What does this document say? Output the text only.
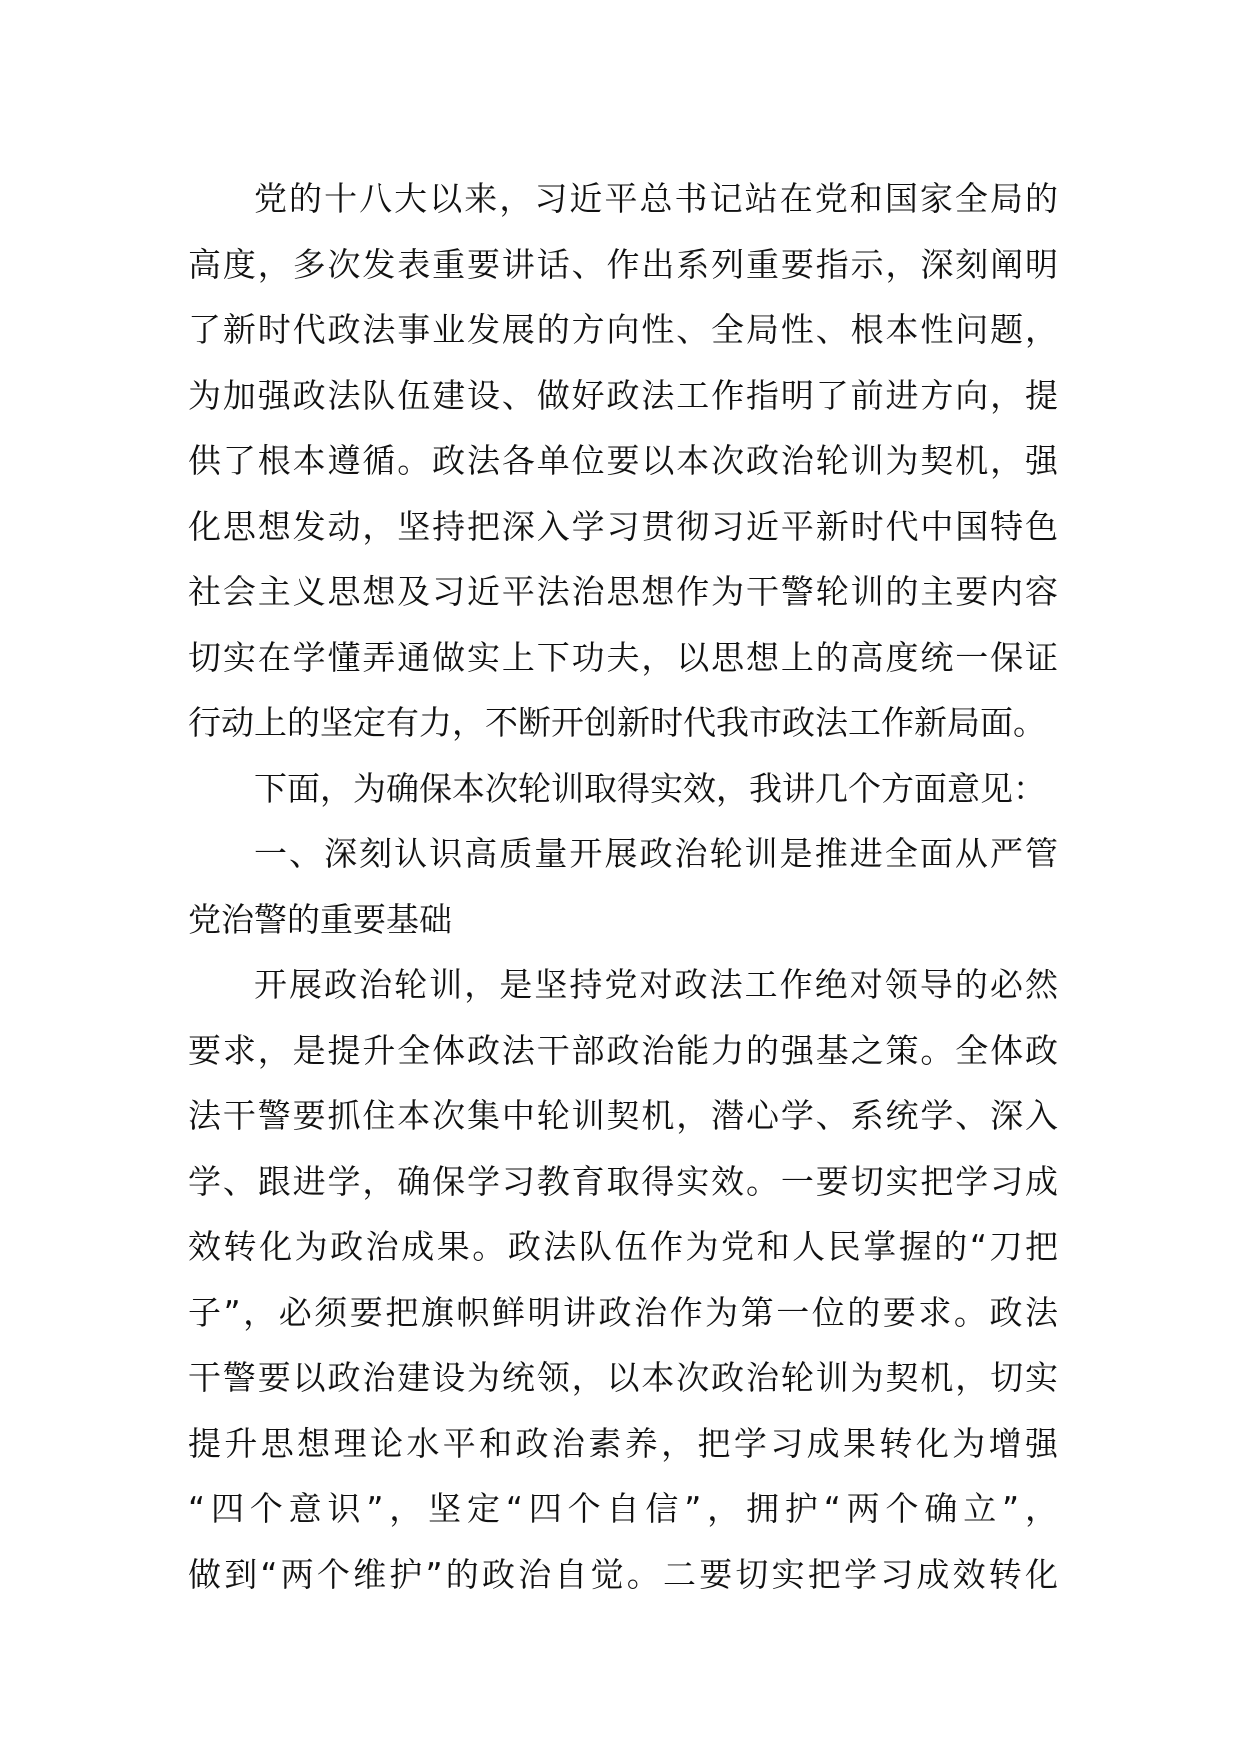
党的十八大以来，习近平总书记站在党和国家全局的
高度，多次发表重要讲话、作出系列重要指示，深刻阐明
了新时代政法事业发展的方向性、全局性、根本性问题，
为加强政法队伍建设、做好政法工作指明了前进方向，提
供了根本遵循。政法各单位要以本次政治轮训为契机，强
化思想发动，坚持把深入学习贯彻习近平新时代中国特色
社会主义思想及习近平法治思想作为干警轮训的主要内容
切实在学懂弄通做实上下功夫，以思想上的高度统一保证
行动上的坚定有力，不断开创新时代我市政法工作新局面。
下面，为确保本次轮训取得实效，我讲几个方面意见：
一、深刻认识高质量开展政治轮训是推进全面从严管
党治警的重要基础
开展政治轮训，是坚持党对政法工作绝对领导的必然
要求，是提升全体政法干部政治能力的强基之策。全体政
法干警要抓住本次集中轮训契机，潜心学、系统学、深入
学、跟进学，确保学习教育取得实效。一要切实把学习成
效转化为政治成果。政法队伍作为党和人民掌握的“刀把
子”，必须要把旗帜鲜明讲政治作为第一位的要求。政法
干警要以政治建设为统领，以本次政治轮训为契机，切实
提升思想理论水平和政治素养，把学习成果转化为增强
“四个意识”，坚定“四个自信”，拥护“两个确立”，
做到“两个维护”的政治自觉。二要切实把学习成效转化
